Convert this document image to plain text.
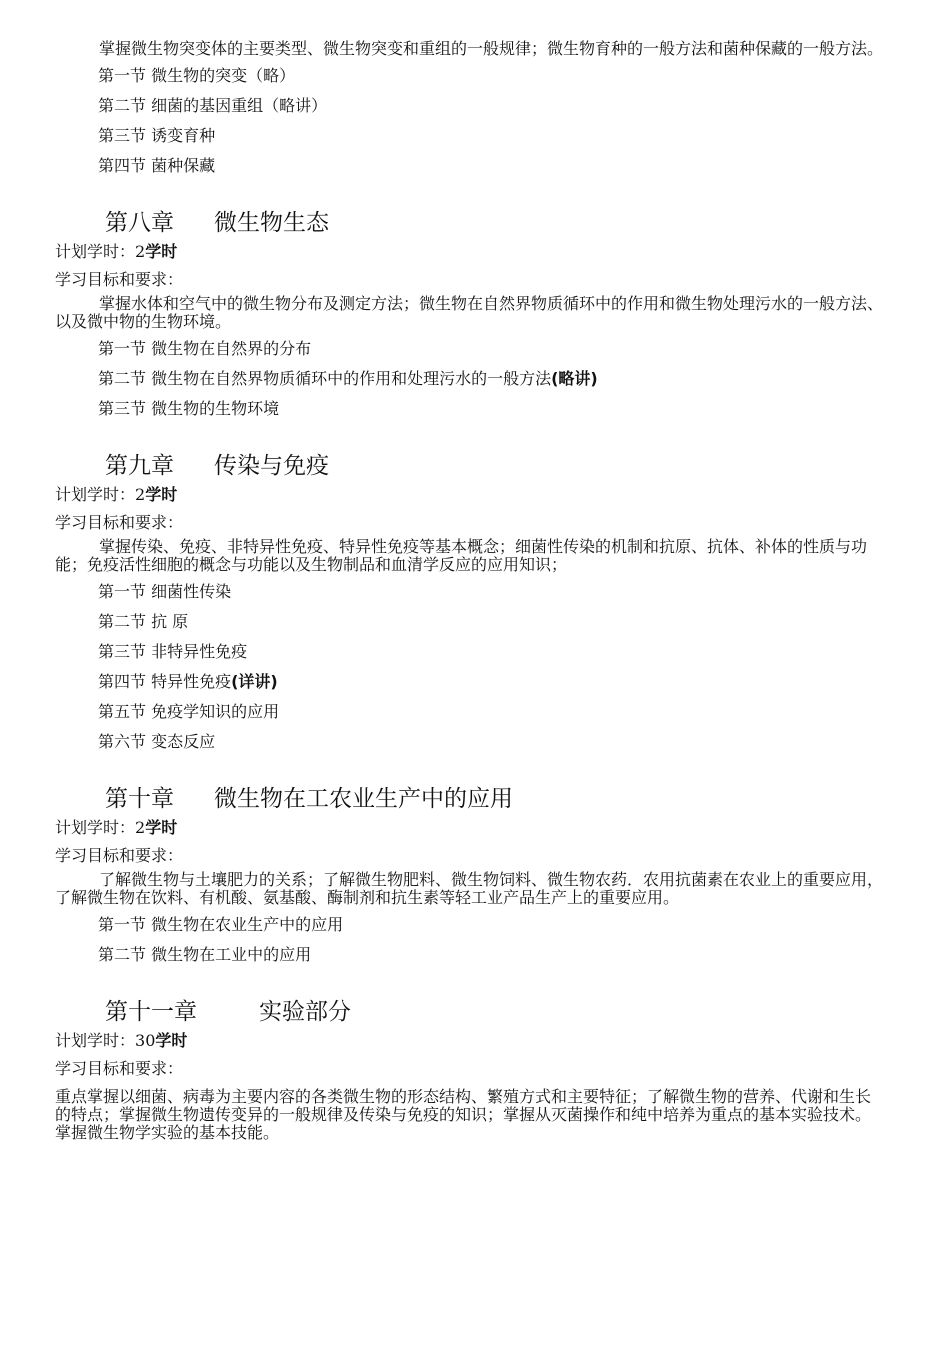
掌握微生物突变体的主要类型、微生物突变和重组的一般规律；微生物育种的一般方法和菌种保藏的一般方法。

第一节 微生物的突变（略）

第二节 细菌的基因重组（略讲）

第三节 诱变育种

第四节 菌种保藏

第八章 微生物生态

计划学时：2学时

学习目标和要求：

掌握水体和空气中的微生物分布及测定方法；微生物在自然界物质循环中的作用和微生物处理污水的一般方法、以及微中物的生物环境。

第一节 微生物在自然界的分布

第二节 微生物在自然界物质循环中的作用和处理污水的一般方法(略讲)

第三节 微生物的生物环境

第九章 传染与免疫

计划学时：2学时

学习目标和要求：

掌握传染、免疫、非特异性免疫、特异性免疫等基本概念；细菌性传染的机制和抗原、抗体、补体的性质与功能；免疫活性细胞的概念与功能以及生物制品和血清学反应的应用知识；

第一节 细菌性传染

第二节 抗 原

第三节 非特异性免疫

第四节 特异性免疫(详讲)

第五节 免疫学知识的应用

第六节 变态反应

第十章 微生物在工农业生产中的应用

计划学时：2学时

学习目标和要求：

了解微生物与土壤肥力的关系；了解微生物肥料、微生物饲料、微生物农药．农用抗菌素在农业上的重要应用，了解微生物在饮料、有机酸、氨基酸、酶制剂和抗生素等轻工业产品生产上的重要应用。

第一节 微生物在农业生产中的应用

第二节 微生物在工业中的应用

第十一章	实验部分

计划学时：30学时

学习目标和要求：

重点掌握以细菌、病毒为主要内容的各类微生物的形态结构、繁殖方式和主要特征；了解微生物的营养、代谢和生长的特点；掌握微生物遗传变异的一般规律及传染与免疫的知识；掌握从灭菌操作和纯中培养为重点的基本实验技术。掌握微生物学实验的基本技能。
